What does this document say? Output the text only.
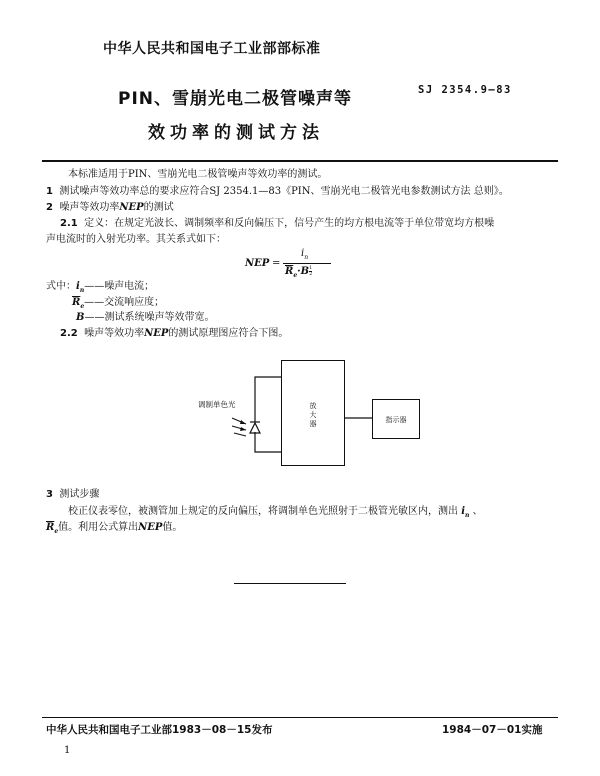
中华人民共和国电子工业部部标准
PIN、雪崩光电二极管噪声等	SJ 2354.9—83
效功率的测试方法
本标准适用于PIN、雪崩光电二极管噪声等效功率的测试。
1 测试噪声等效功率总的要求应符合SJ 2354.1—83《PIN、雪崩光电二极管光电参数测试方法 总则》。
2 噪声等效功率NEP的测试
2.1 定义：在规定光波长、调制频率和反向偏压下，信号产生的均方根电流等于单位带宽均方根噪
声电流时的入射光功率。其关系式如下：
NEP =
$i_n$
$\overline{R}_e\cdot B$ $^{\frac{1}{2}}$
式中：$i_n——$噪声电流；
$\overline{R}_e——$交流响应度；
B——测试系统噪声等效带宽。
2.2 噪声等效功率NEP的测试原理图应符合下图。
调制单色光	放
大
器	指示器
3 测试步骤
校正仪表零位，被测管加上规定的反向偏压，将调制单色光照射于二极管光敏区内，测出 $i_n$ 、
$\overline{R}_e$值。利用公式算出NEP值。
中华人民共和国电子工业部1983－08－15发布	1984－07－01实施
1
